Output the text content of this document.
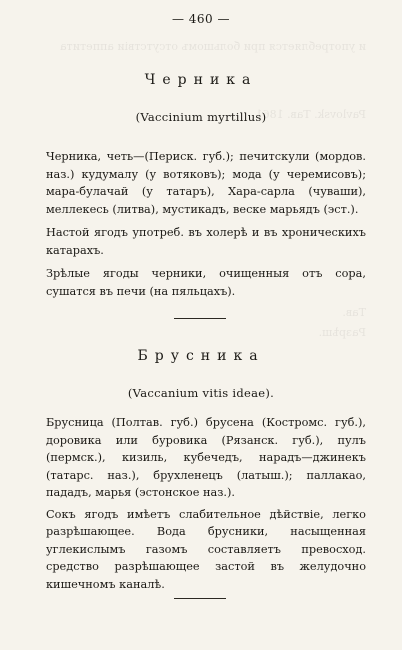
— 460 —
и употребляется при большомъ отсутствіи аппетита
Pavlovsk. Тав. 1861.
Тав.
Разрѣш.
Черника
(Vaccinium myrtillus)

Черника, четь—(Периск. губ.); печитскули (мордов. наз.) кудумалу (у вотяковъ); мода (у черемисовъ); мара-булачай (у татаръ), Хара-сарла (чуваши), меллекесь (литва), мустикадъ, веске марьядъ (эст.).

Настой ягодъ употреб. въ холерѣ и въ хроническихъ катарахъ.

Зрѣлые ягоды черники, очищенныя отъ сора, сушатся въ печи (на пяльцахъ).

Брусника
(Vaccanium vitis ideae).

Брусница (Полтав. губ.) брусена (Костромс. губ.), доровика или буровика (Рязанск. губ.), пулъ (пермск.), кизиль, кубечедъ, нарадъ—джинекъ (татарс. наз.), брухленецъ (латыш.); паллакао, пададъ, марья (эстонское наз.).

Сокъ ягодъ имѣетъ слабительное дѣйствіе, легко разрѣшающее. Вода брусники, насыщенная углекислымъ газомъ составляетъ превосход. средство разрѣшающее застой въ желудочно кишечномъ каналѣ.
